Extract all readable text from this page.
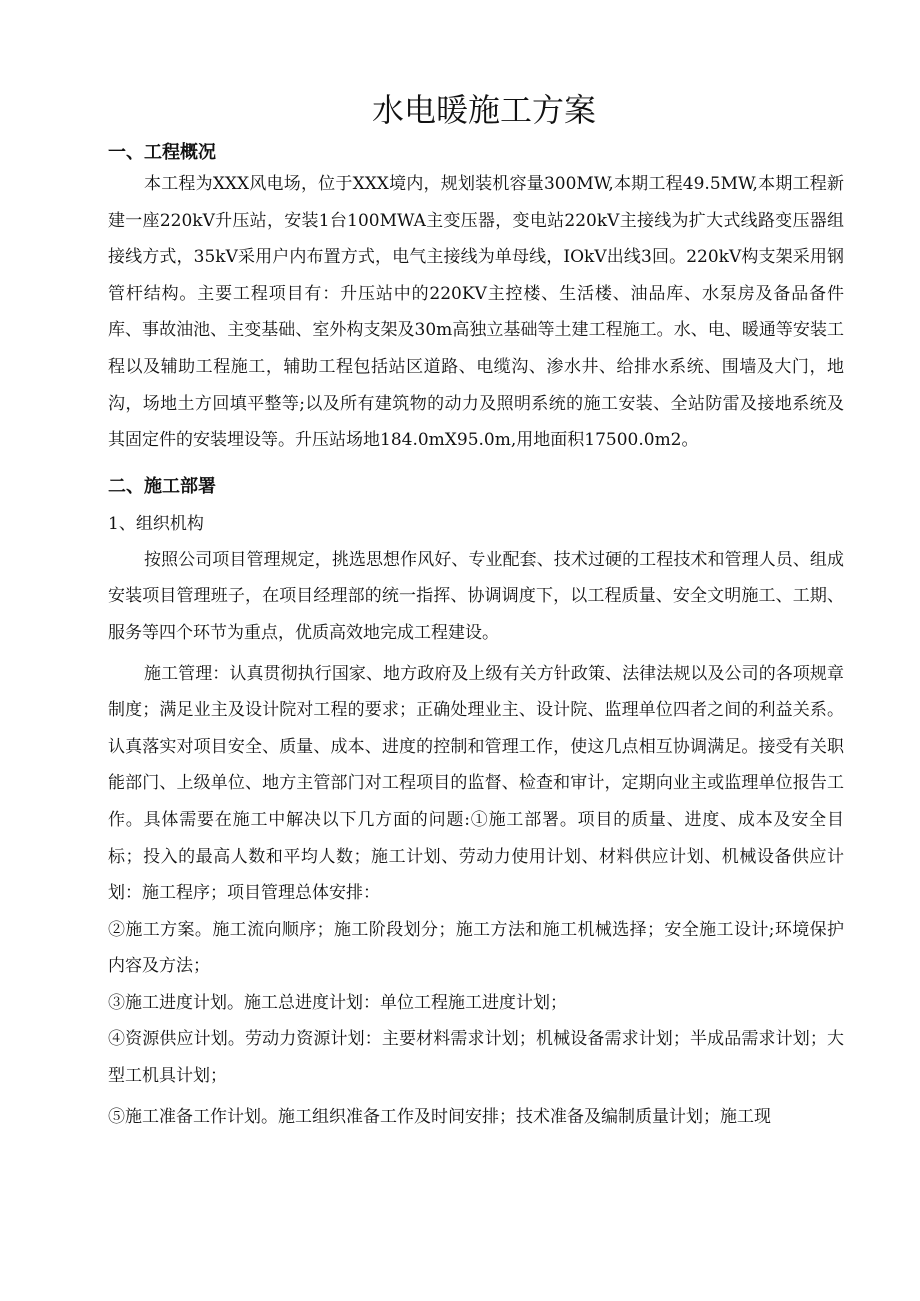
水电暖施工方案
一、工程概况

本工程为XXX风电场，位于XXX境内，规划装机容量300MW,本期工程49.5MW,本期工程新建一座220kV升压站，安装1台100MWA主变压器，变电站220kV主接线为扩大式线路变压器组接线方式，35kV采用户内布置方式，电气主接线为单母线，IOkV出线3回。220kV构支架采用钢管杆结构。主要工程项目有：升压站中的220KV主控楼、生活楼、油品库、水泵房及备品备件库、事故油池、主变基础、室外构支架及30m高独立基础等土建工程施工。水、电、暖通等安装工程以及辅助工程施工，辅助工程包括站区道路、电缆沟、渗水井、给排水系统、围墙及大门，地沟，场地土方回填平整等;以及所有建筑物的动力及照明系统的施工安装、全站防雷及接地系统及其固定件的安装埋设等。升压站场地184.0mX95.0m,用地面积17500.0m2。

二、施工部署

1、组织机构

按照公司项目管理规定，挑选思想作风好、专业配套、技术过硬的工程技术和管理人员、组成安装项目管理班子，在项目经理部的统一指挥、协调调度下，以工程质量、安全文明施工、工期、服务等四个环节为重点，优质高效地完成工程建设。

施工管理：认真贯彻执行国家、地方政府及上级有关方针政策、法律法规以及公司的各项规章制度；满足业主及设计院对工程的要求；正确处理业主、设计院、监理单位四者之间的利益关系。认真落实对项目安全、质量、成本、进度的控制和管理工作，使这几点相互协调满足。接受有关职能部门、上级单位、地方主管部门对工程项目的监督、检查和审计，定期向业主或监理单位报告工作。具体需要在施工中解决以下几方面的问题:①施工部署。项目的质量、进度、成本及安全目标；投入的最高人数和平均人数；施工计划、劳动力使用计划、材料供应计划、机械设备供应计划：施工程序；项目管理总体安排：

②施工方案。施工流向顺序；施工阶段划分；施工方法和施工机械选择；安全施工设计;环境保护内容及方法；

③施工进度计划。施工总进度计划：单位工程施工进度计划；

④资源供应计划。劳动力资源计划：主要材料需求计划；机械设备需求计划；半成品需求计划；大型工机具计划；

⑤施工准备工作计划。施工组织准备工作及时间安排；技术准备及编制质量计划；施工现
